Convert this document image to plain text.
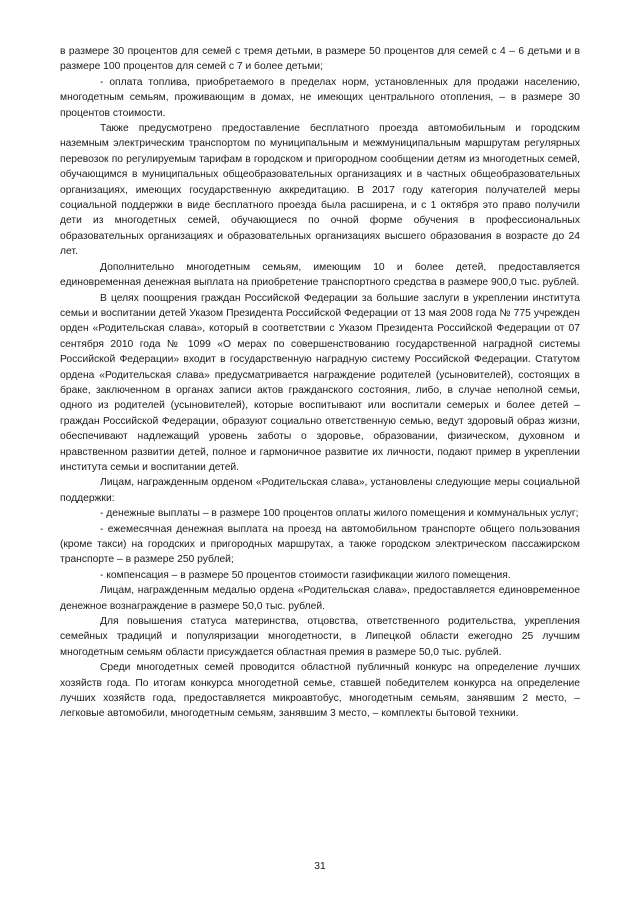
в размере 30 процентов для семей с тремя детьми, в размере 50 процентов для семей с 4 – 6 детьми и в размере 100 процентов для семей с 7 и более детьми;

- оплата топлива, приобретаемого в пределах норм, установленных для продажи населению, многодетным семьям, проживающим в домах, не имеющих центрального отопления, – в размере 30 процентов стоимости.

Также предусмотрено предоставление бесплатного проезда автомобильным и городским наземным электрическим транспортом по муниципальным и межмуниципальным маршрутам регулярных перевозок по регулируемым тарифам в городском и пригородном сообщении детям из многодетных семей, обучающимся в муниципальных общеобразовательных организациях и в частных общеобразовательных организациях, имеющих государственную аккредитацию. В 2017 году категория получателей меры социальной поддержки в виде бесплатного проезда была расширена, и с 1 октября это право получили дети из многодетных семей, обучающиеся по очной форме обучения в профессиональных образовательных организациях и образовательных организациях высшего образования в возрасте до 24 лет.

Дополнительно многодетным семьям, имеющим 10 и более детей, предоставляется единовременная денежная выплата на приобретение транспортного средства в размере 900,0 тыс. рублей.

В целях поощрения граждан Российской Федерации за большие заслуги в укреплении института семьи и воспитании детей Указом Президента Российской Федерации от 13 мая 2008 года № 775 учрежден орден «Родительская слава», который в соответствии с Указом Президента Российской Федерации от 07 сентября 2010 года № 1099 «О мерах по совершенствованию государственной наградной системы Российской Федерации» входит в государственную наградную систему Российской Федерации. Статутом ордена «Родительская слава» предусматривается награждение родителей (усыновителей), состоящих в браке, заключенном в органах записи актов гражданского состояния, либо, в случае неполной семьи, одного из родителей (усыновителей), которые воспитывают или воспитали семерых и более детей – граждан Российской Федерации, образуют социально ответственную семью, ведут здоровый образ жизни, обеспечивают надлежащий уровень заботы о здоровье, образовании, физическом, духовном и нравственном развитии детей, полное и гармоничное развитие их личности, подают пример в укреплении института семьи и воспитании детей.

Лицам, награжденным орденом «Родительская слава», установлены следующие меры социальной поддержки:

- денежные выплаты – в размере 100 процентов оплаты жилого помещения и коммунальных услуг;

- ежемесячная денежная выплата на проезд на автомобильном транспорте общего пользования (кроме такси) на городских и пригородных маршрутах, а также городском электрическом пассажирском транспорте – в размере 250 рублей;

- компенсация – в размере 50 процентов стоимости газификации жилого помещения.

Лицам, награжденным медалью ордена «Родительская слава», предоставляется единовременное денежное вознаграждение в размере 50,0 тыс. рублей.

Для повышения статуса материнства, отцовства, ответственного родительства, укрепления семейных традиций и популяризации многодетности, в Липецкой области ежегодно 25 лучшим многодетным семьям области присуждается областная премия в размере 50,0 тыс. рублей.

Среди многодетных семей проводится областной публичный конкурс на определение лучших хозяйств года. По итогам конкурса многодетной семье, ставшей победителем конкурса на определение лучших хозяйств года, предоставляется микроавтобус, многодетным семьям, занявшим 2 место, – легковые автомобили, многодетным семьям, занявшим 3 место, – комплекты бытовой техники.

31
